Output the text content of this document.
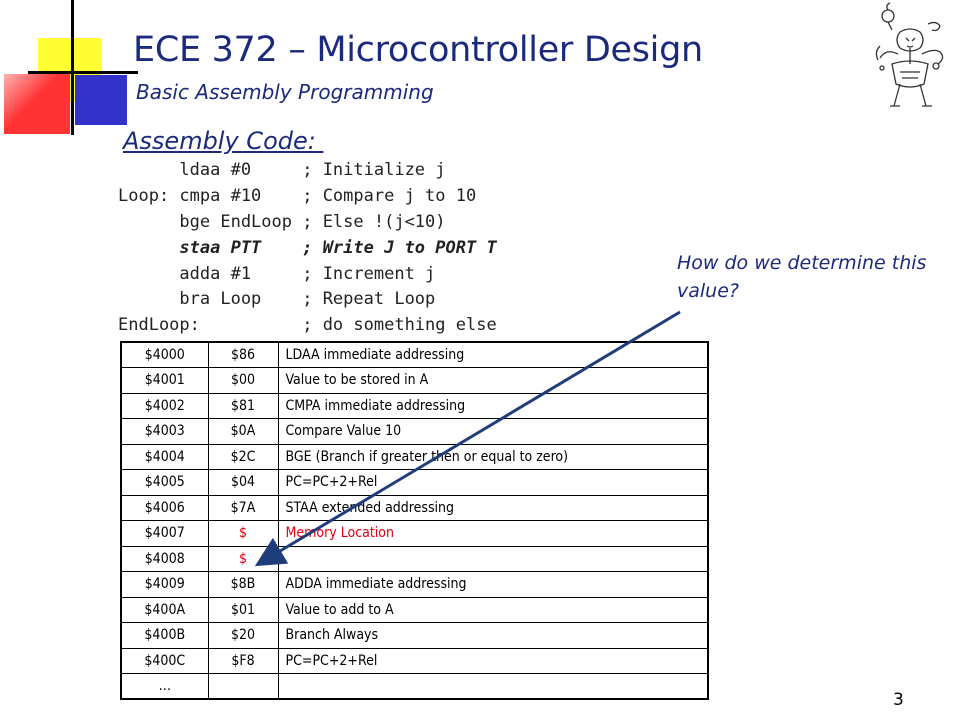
ECE 372 – Microcontroller Design
Basic Assembly Programming
Assembly Code:
ldaa #0     ; Initialize j
Loop: cmpa #10    ; Compare j to 10
bge EndLoop ; Else !(j<10)
staa PTT    ; Write J to PORT T
adda #1     ; Increment j
bra Loop    ; Repeat Loop
EndLoop:          ; do something else
How do we determine this value?
$4000	$86	LDAA immediate addressing
$4001	$00	Value to be stored in A
$4002	$81	CMPA immediate addressing
$4003	$0A	Compare Value 10
$4004	$2C	BGE (Branch if greater then or equal to zero)
$4005	$04	PC=PC+2+Rel
$4006	$7A	STAA extended addressing
$4007	$	Memory Location
$4008	$	
$4009	$8B	ADDA immediate addressing
$400A	$01	Value to add to A
$400B	$20	Branch Always
$400C	$F8	PC=PC+2+Rel
…		
3
